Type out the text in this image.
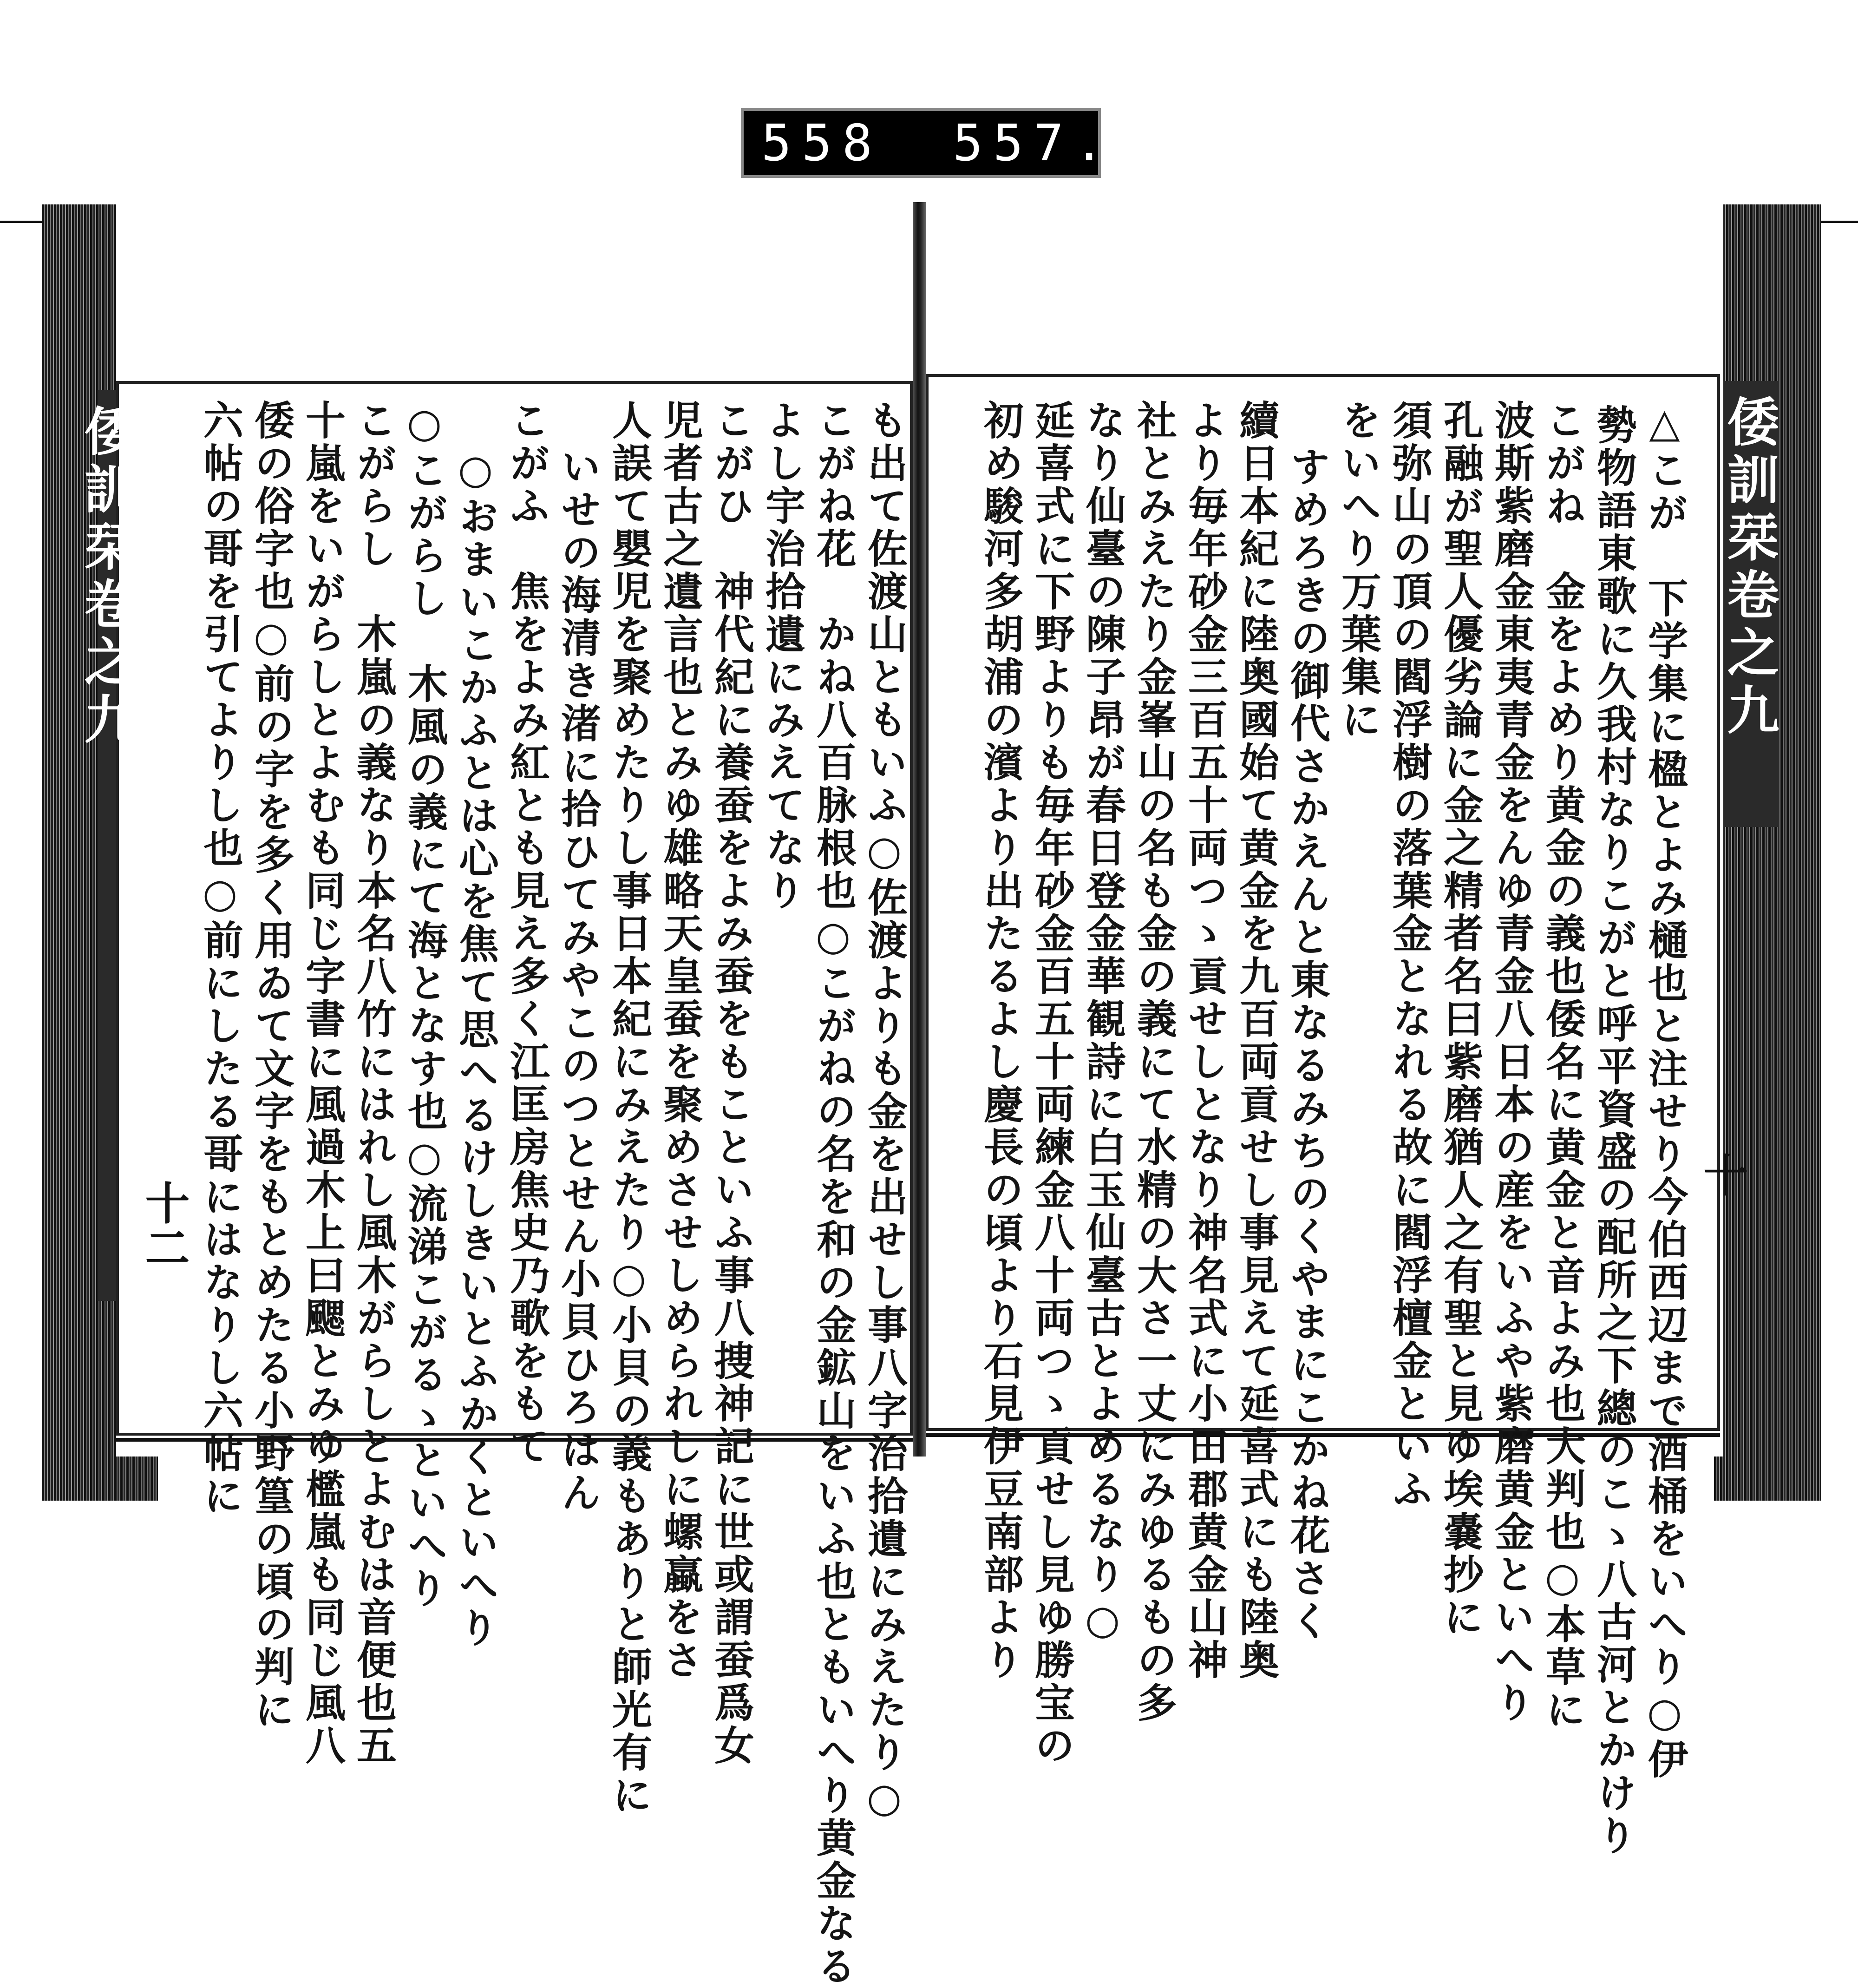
558 557.
倭訓栞卷之九	倭訓栞卷之九
十二
十
△こが　下学集に楹とよみ樋也と注せり今伯西辺まで酒桶をいへり○伊
勢物語東歌に久我村なりこがと呼平資盛の配所之下總のこゝ八古河とかけり
こがね　金をよめり黄金の義也倭名に黄金と音よみ也大判也○本草に
波斯紫磨金東夷青金をんゆ青金八日本の産をいふや紫磨黄金といへり
孔融が聖人優劣論に金之精者名曰紫磨猶人之有聖と見ゆ埃嚢抄に
須弥山の頂の閻浮樹の落葉金となれる故に閻浮檀金といふ
をいへり万葉集に
すめろきの御代さかえんと東なるみちのくやまにこかね花さく
續日本紀に陸奥國始て黄金を九百両貢せし事見えて延喜式にも陸奥
より毎年砂金三百五十両つゝ貢せしとなり神名式に小田郡黄金山神
社とみえたり金峯山の名も金の義にて水精の大さ一丈にみゆるもの多
なり仙臺の陳子昂が春日登金華観詩に白玉仙臺古とよめるなり○
延喜式に下野よりも毎年砂金百五十両練金八十両つゝ貢せし見ゆ勝宝の
初め駿河多胡浦の濱より出たるよし慶長の頃より石見伊豆南部より
も出て佐渡山ともいふ○佐渡よりも金を出せし事八字治拾遺にみえたり○
こがね花　かね八百脉根也○こがねの名を和の金鉱山をいふ也ともいへり黄金なる
よし宇治拾遺にみえてなり
こがひ　神代紀に養蚕をよみ蚕をもこといふ事八捜神記に世或謂蚕爲女
児者古之遺言也とみゆ雄略天皇蚕を聚めさせしめられしに螺蠃をさ
人誤て嬰児を聚めたりし事日本紀にみえたり○小貝の義もありと師光有に
いせの海清き渚に拾ひてみやこのつとせん小貝ひろはん
こがふ　焦をよみ紅とも見え多く江匡房焦史乃歌をもて
○おまいこかふとは心を焦て思へるけしきいとふかくといへり
○こがらし　木風の義にて海となす也○流涕こがるゝといへり
こがらし　木嵐の義なり本名八竹にはれし風木がらしとよむは音便也五
十嵐をいがらしとよむも同じ字書に風過木上曰颸とみゆ檻嵐も同じ風八
倭の俗字也○前の字を多く用ゐて文字をもとめたる小野篁の頃の判に
六帖の哥を引てよりし也○前にしたる哥にはなりし六帖に
